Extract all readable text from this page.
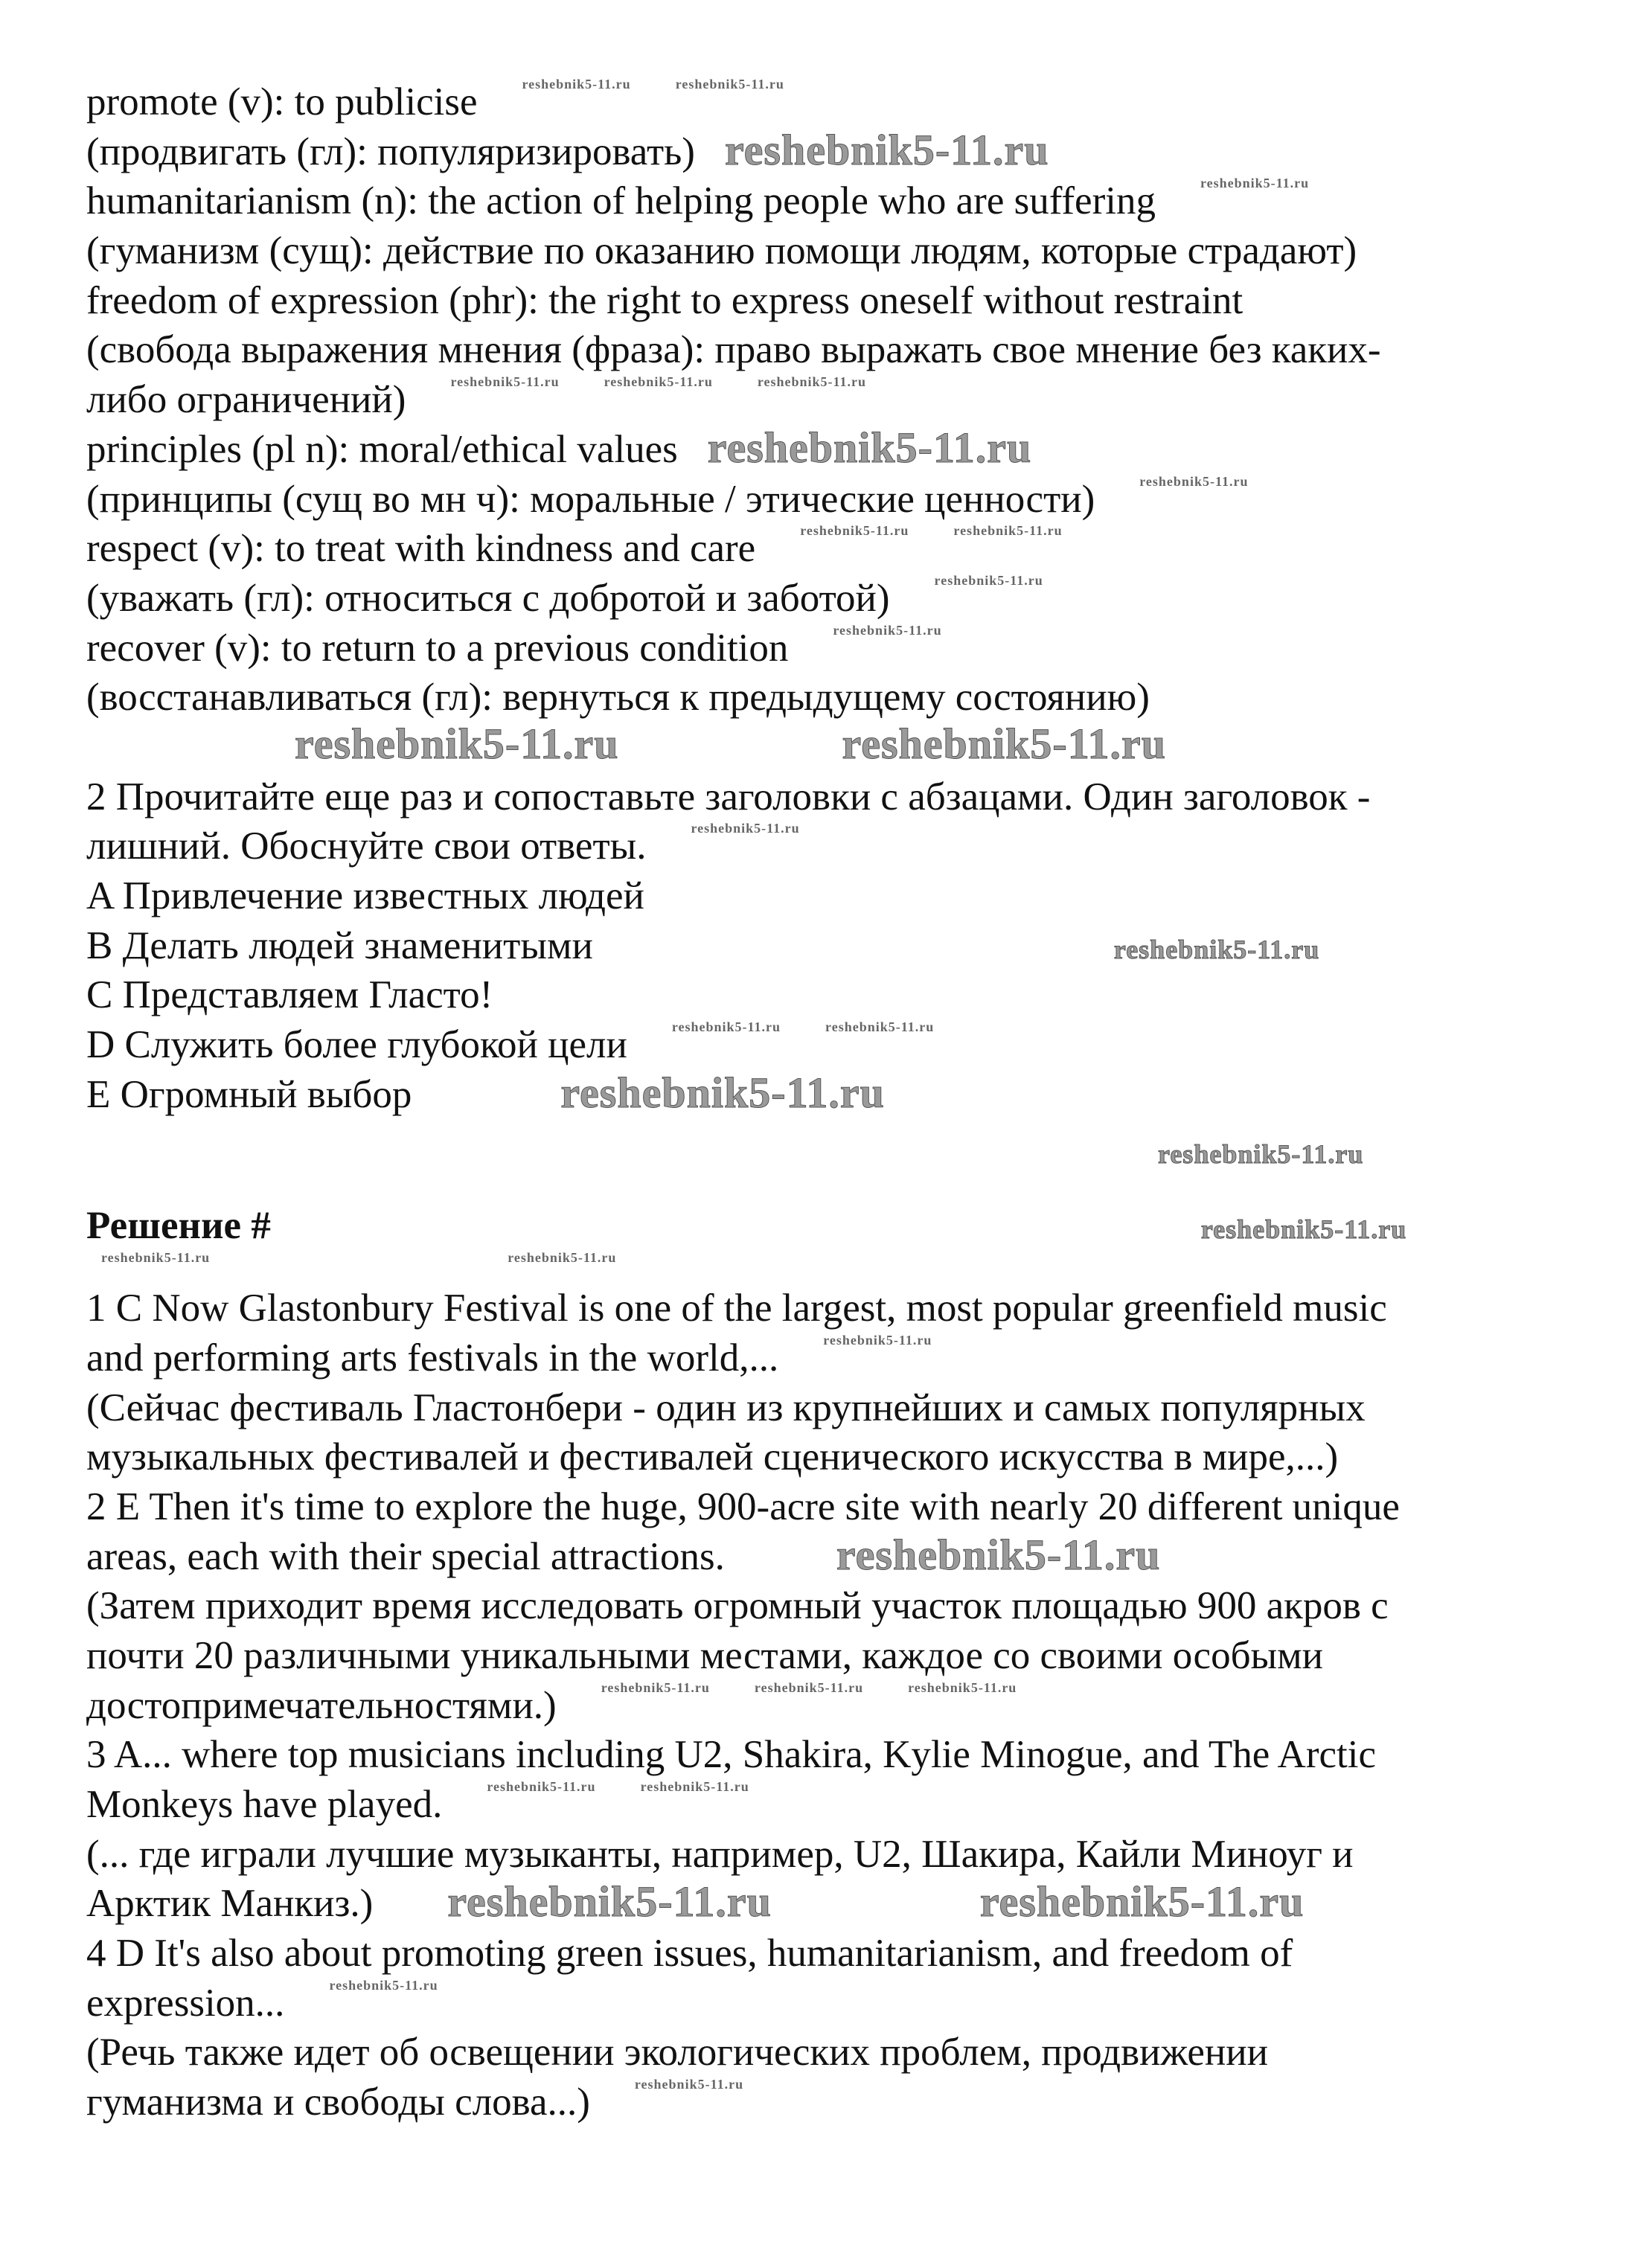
promote (v): to publicise	reshebnik5-11.ru	reshebnik5-11.ru
(продвигать (гл): популяризировать) reshebnik5-11.ru
humanitarianism (n): the action of helping people who are suffering	reshebnik5-11.ru
(гуманизм (сущ): действие по оказанию помощи людям, которые страдают)
freedom of expression (phr): the right to express oneself without restraint
(свобода выражения мнения (фраза): право выражать свое мнение без каких-
либо ограничений)	reshebnik5-11.ru	reshebnik5-11.ru	reshebnik5-11.ru
principles (pl n): moral/ethical values reshebnik5-11.ru
(принципы (сущ во мн ч): моральные / этические ценности)	reshebnik5-11.ru
respect (v): to treat with kindness and care	reshebnik5-11.ru	reshebnik5-11.ru
(уважать (гл): относиться с добротой и заботой)	reshebnik5-11.ru
recover (v): to return to a previous condition	reshebnik5-11.ru
(восстанавливаться (гл): вернуться к предыдущему состоянию)
reshebnik5-11.ru	reshebnik5-11.ru
2 Прочитайте еще раз и сопоставьте заголовки с абзацами. Один заголовок -
лишний. Обоснуйте свои ответы.	reshebnik5-11.ru
A Привлечение известных людей
B Делать людей знаменитыми	reshebnik5-11.ru
C Представляем Гласто!
D Служить более глубокой цели	reshebnik5-11.ru	reshebnik5-11.ru
E Огромный выбор	reshebnik5-11.ru
reshebnik5-11.ru
Решение #	reshebnik5-11.ru
reshebnik5-11.ru	reshebnik5-11.ru
1 C Now Glastonbury Festival is one of the largest, most popular greenfield music
and performing arts festivals in the world,...	reshebnik5-11.ru
(Сейчас фестиваль Гластонбери - один из крупнейших и самых популярных
музыкальных фестивалей и фестивалей сценического искусства в мире,...)
2 E Then it's time to explore the huge, 900-acre site with nearly 20 different unique
areas, each with their special attractions.	reshebnik5-11.ru
(Затем приходит время исследовать огромный участок площадью 900 акров с
почти 20 различными уникальными местами, каждое со своими особыми
достопримечательностями.)	reshebnik5-11.ru	reshebnik5-11.ru	reshebnik5-11.ru
3 A... where top musicians including U2, Shakira, Kylie Minogue, and The Arctic
Monkeys have played.	reshebnik5-11.ru	reshebnik5-11.ru
(... где играли лучшие музыканты, например, U2, Шакира, Кайли Миноуг и
Арктик Манкиз.) reshebnik5-11.ru	reshebnik5-11.ru
4 D It's also about promoting green issues, humanitarianism, and freedom of
expression...	reshebnik5-11.ru
(Речь также идет об освещении экологических проблем, продвижении
гуманизма и свободы слова...)	reshebnik5-11.ru
